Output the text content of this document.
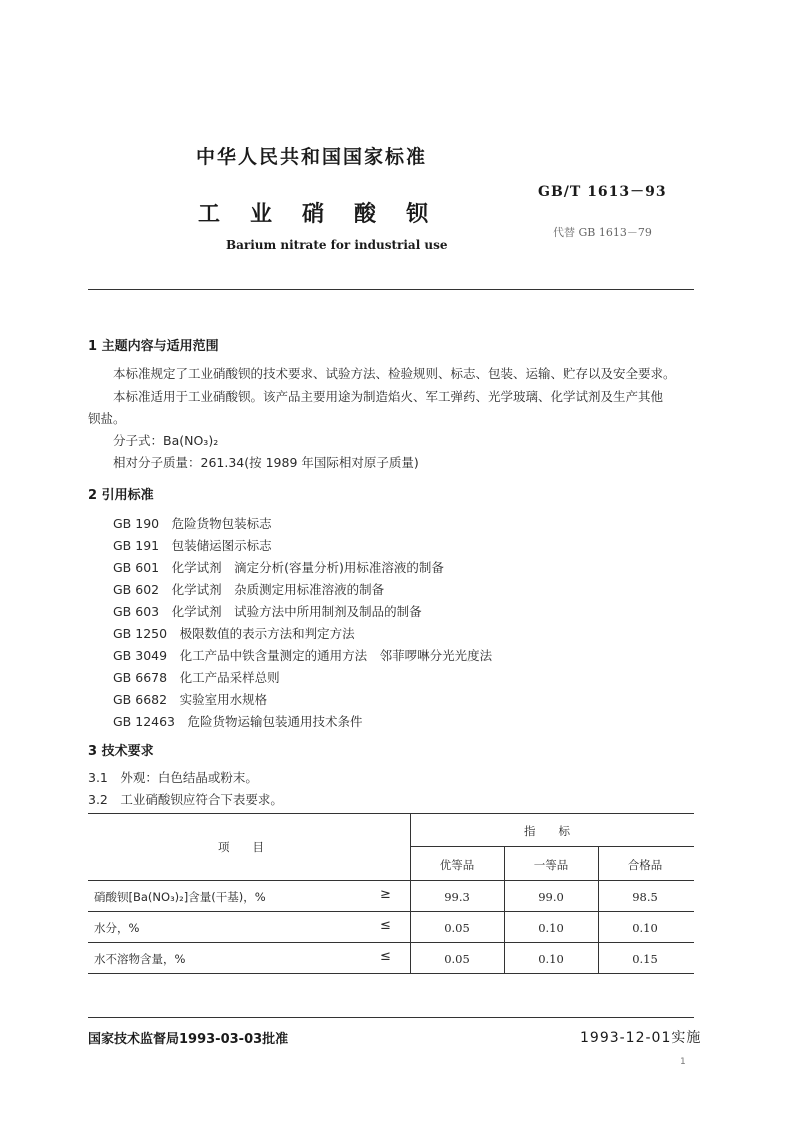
中华人民共和国国家标准
工业硝酸钡
Barium nitrate for industrial use
GB/T 1613－93
代替 GB 1613－79
1 主题内容与适用范围
本标准规定了工业硝酸钡的技术要求、试验方法、检验规则、标志、包装、运输、贮存以及安全要求。
本标准适用于工业硝酸钡。该产品主要用途为制造焰火、军工弹药、光学玻璃、化学试剂及生产其他
钡盐。
分子式：Ba(NO₃)₂
相对分子质量：261.34(按 1989 年国际相对原子质量)
2 引用标准
GB 190　 危险货物包装标志
GB 191　 包装储运图示标志
GB 601　 化学试剂　滴定分析(容量分析)用标准溶液的制备
GB 602　 化学试剂　杂质测定用标准溶液的制备
GB 603　 化学试剂　试验方法中所用制剂及制品的制备
GB 1250　 极限数值的表示方法和判定方法
GB 3049　 化工产品中铁含量测定的通用方法　邻菲啰啉分光光度法
GB 6678　 化工产品采样总则
GB 6682　 实验室用水规格
GB 12463　 危险货物运输包装通用技术条件
3 技术要求
3.1　外观：白色结晶或粉末。
3.2　工业硝酸钡应符合下表要求。
项　　目
指　　标
优等品	一等品	合格品
硝酸钡[Ba(NO₃)₂]含量(干基)，%	≥	99.3	99.0	98.5
水分，%	≤	0.05	0.10	0.10
水不溶物含量，%	≤	0.05	0.10	0.15
国家技术监督局1993-03-03批准	1993-12-01实施
1
